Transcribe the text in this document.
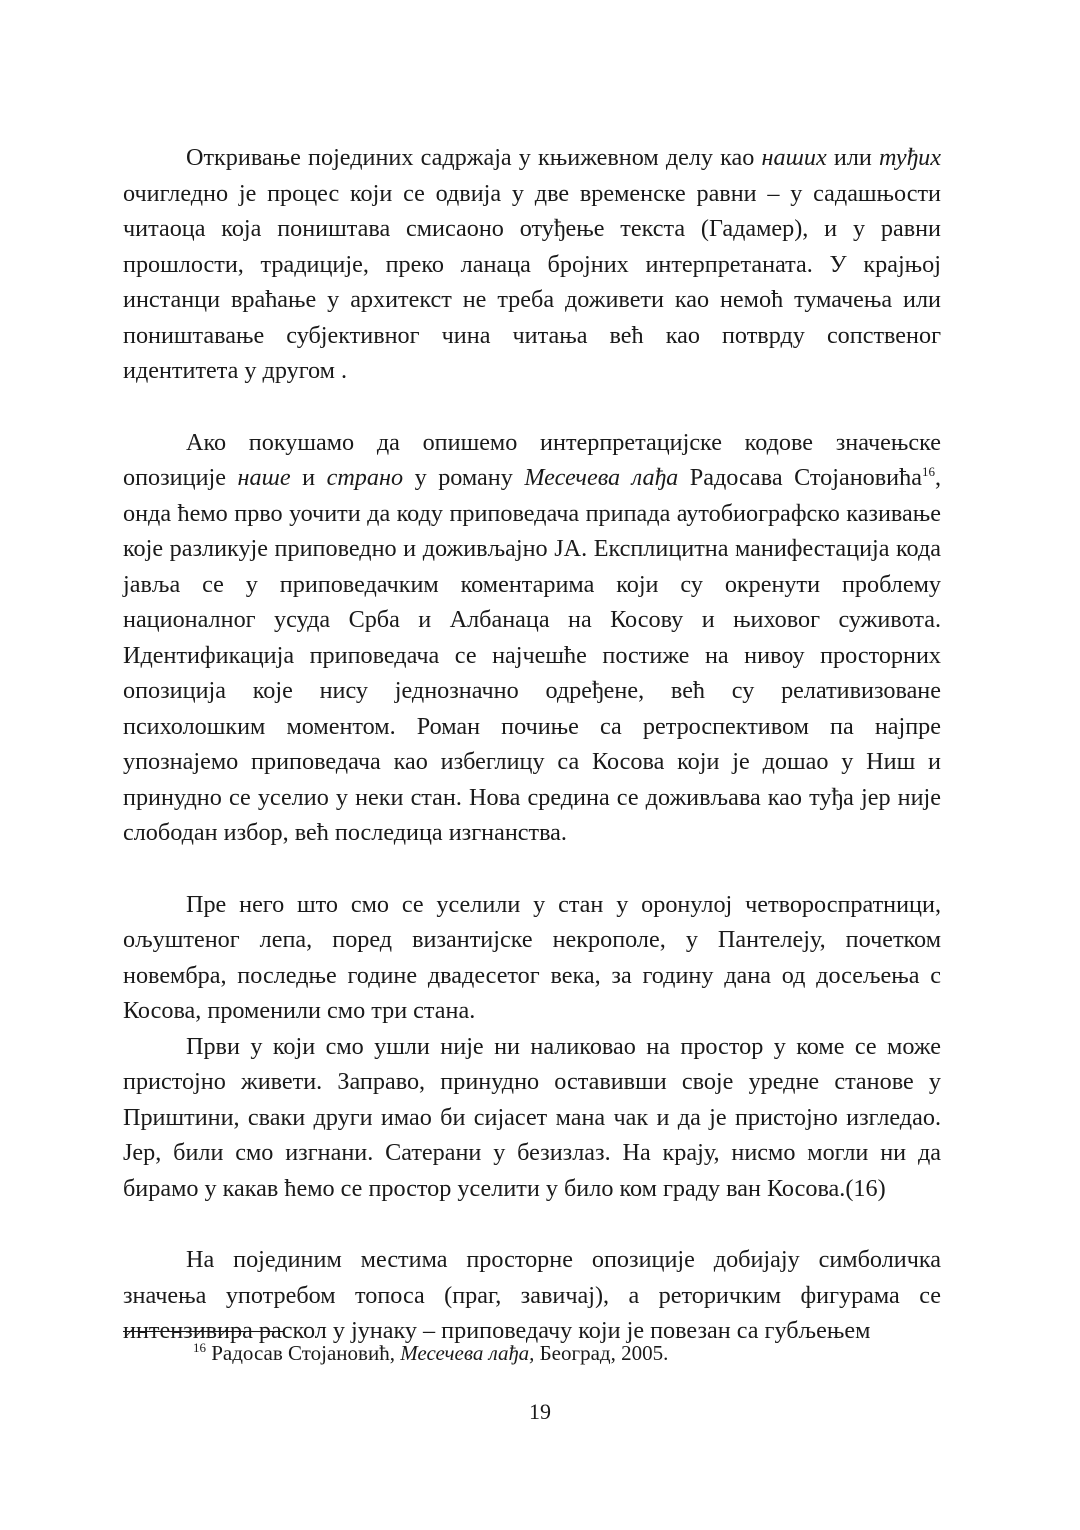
Откривање појединих садржаја у књижевном делу као наших или туђих очигледно је процес који се одвија у две временске равни – у садашњости читаоца која поништава смисаоно отуђење текста (Гадамер), и у равни прошлости, традиције, преко ланаца бројних интерпретаната. У крајњој инстанци враћање у архитекст не треба доживети као немоћ тумачења или поништавање субјективног чина читања већ као потврду сопственог идентитета у другом .

Ако покушамо да опишемо интерпретацијске кодове значењске опозиције наше и страно у роману Месечева лађа Радосава Стојановића$^{16}$, онда ћемо прво уочити да коду приповедача припада аутобиографско казивање које разликује приповедно и доживљајно ЈА. Експлицитна манифестација кода јавља се у приповедачким коментарима који су окренути проблему националног усуда Срба и Албанаца на Косову и њиховог суживота. Идентификација приповедача се најчешће постиже на нивоу просторних опозиција које нису једнозначно одређене, већ су релативизоване психолошким моментом. Роман почиње са ретроспективом па најпре упознајемо приповедача као избеглицу са Косова који је дошао у Ниш и принудно се уселио у неки стан. Нова средина се доживљава као туђа јер није слободан избор, већ последица изгнанства.

Пре него што смо се уселили у стан у оронулој четвороспратници, ољуштеног лепа, поред византијске некрополе, у Пантелеју, почетком новембра, последње године двадесетог века, за годину дана од досељења с Косова, променили смо три стана.

Први у који смо ушли није ни наликовао на простор у коме се може пристојно живети. Заправо, принудно оставивши своје уредне станове у Приштини, сваки други имао би сијасет мана чак и да је пристојно изгледао. Јер, били смо изгнани. Сатерани у безизлаз. На крају, нисмо могли ни да бирамо у какав ћемо се простор уселити у било ком граду ван Косова.(16)

На појединим местима просторне опозиције добијају симболичка значења употребом топоса (праг, завичај), а реторичким фигурама се интензивира раскол у јунаку – приповедачу који је повезан са губљењем

$^{16}$ Радосав Стојановић, Месечева лађа, Београд, 2005.

19
